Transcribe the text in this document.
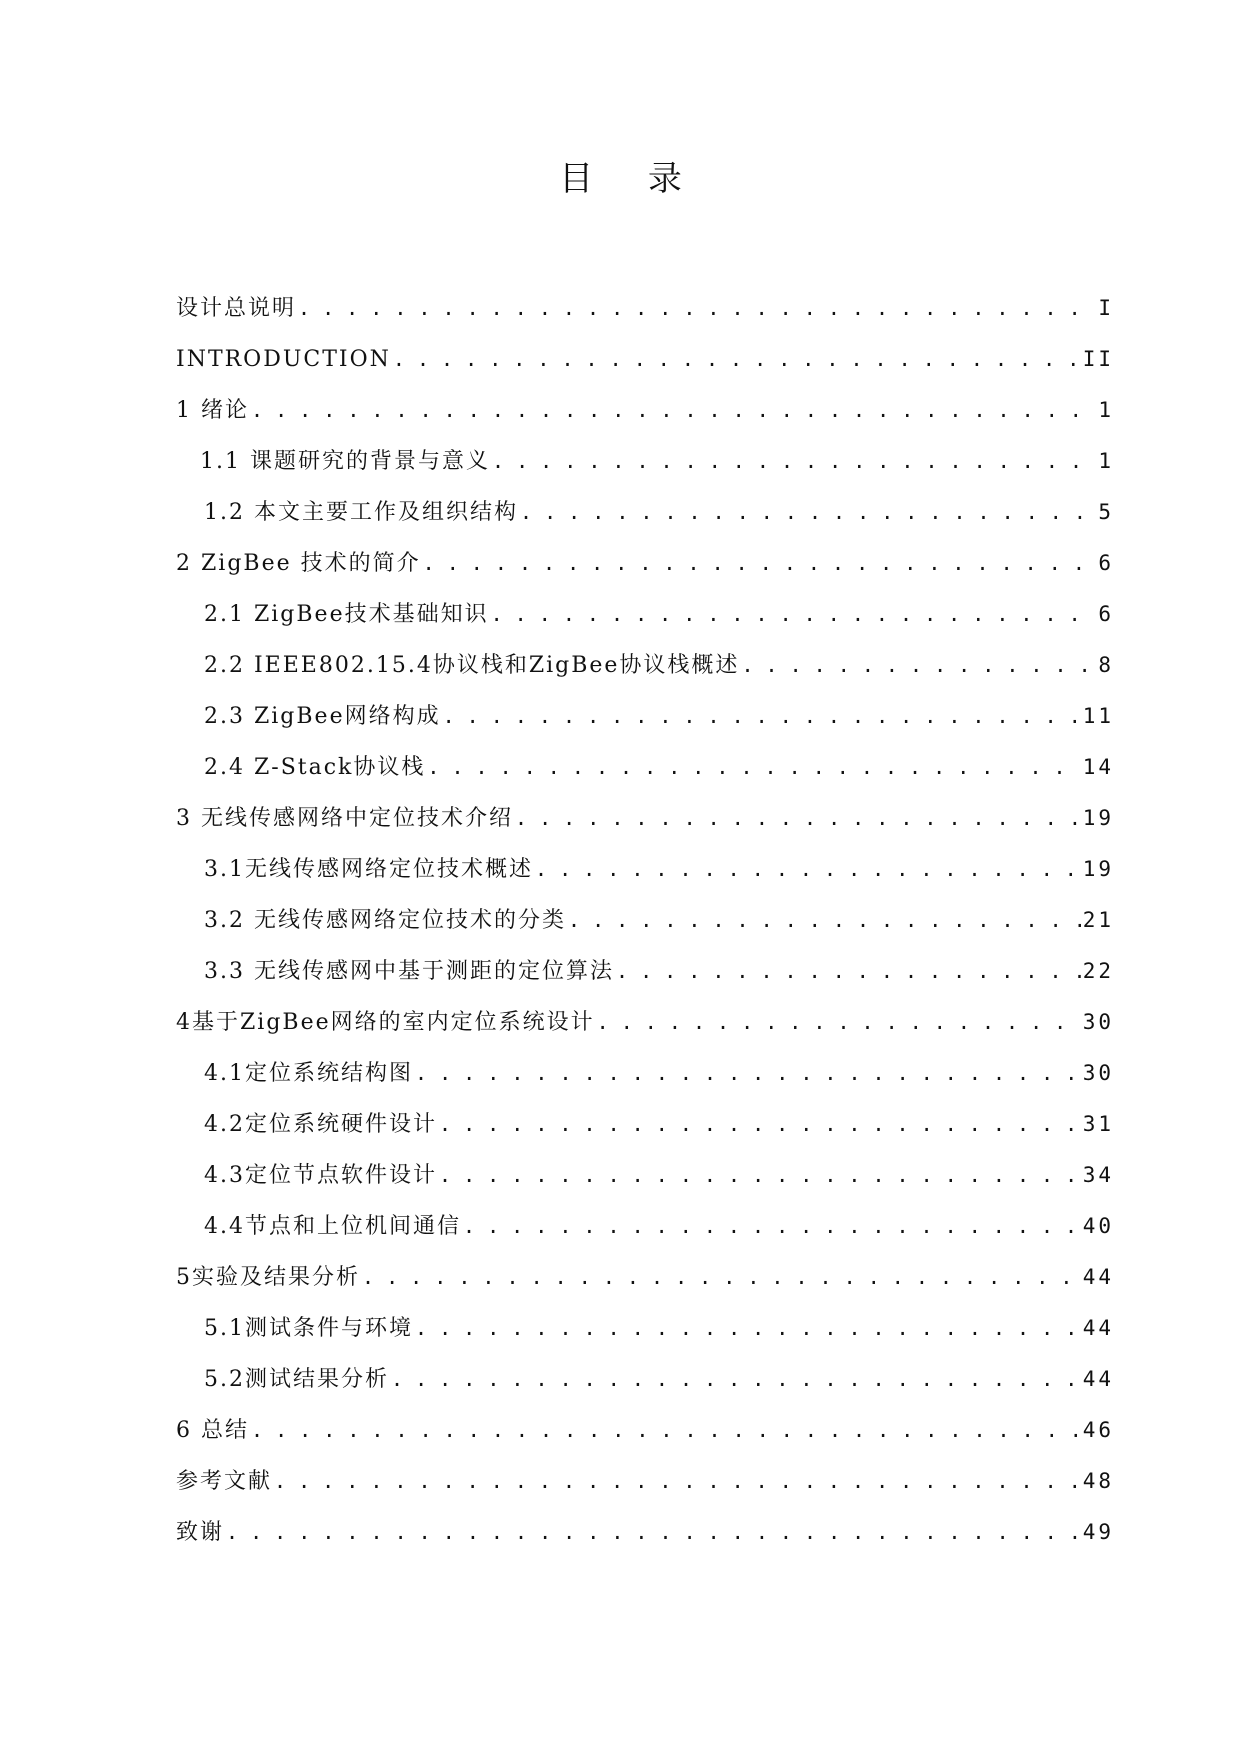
目 录
设计总说明 . . .	I
INTRODUCTION . . .	II
1 绪论 . . .	1
1.1 课题研究的背景与意义 . . .	1
1.2 本文主要工作及组织结构 . . .	5
2 ZigBee 技术的简介 . . .	6
2.1 ZigBee技术基础知识 . . .	6
2.2 IEEE802.15.4协议栈和ZigBee协议栈概述 . . .	8
2.3 ZigBee网络构成 . . .	11
2.4 Z-Stack协议栈 . . .	14
3 无线传感网络中定位技术介绍 . . .	19
3.1无线传感网络定位技术概述 . . .	19
3.2 无线传感网络定位技术的分类 . . .	21
3.3 无线传感网中基于测距的定位算法 . . .	22
4基于ZigBee网络的室内定位系统设计 . . .	30
4.1定位系统结构图 . . .	30
4.2定位系统硬件设计 . . .	31
4.3定位节点软件设计 . . .	34
4.4节点和上位机间通信 . . .	40
5实验及结果分析 . . .	44
5.1测试条件与环境 . . .	44
5.2测试结果分析 . . .	44
6 总结 . . .	46
参考文献 . . .	48
致谢 . . .	49
